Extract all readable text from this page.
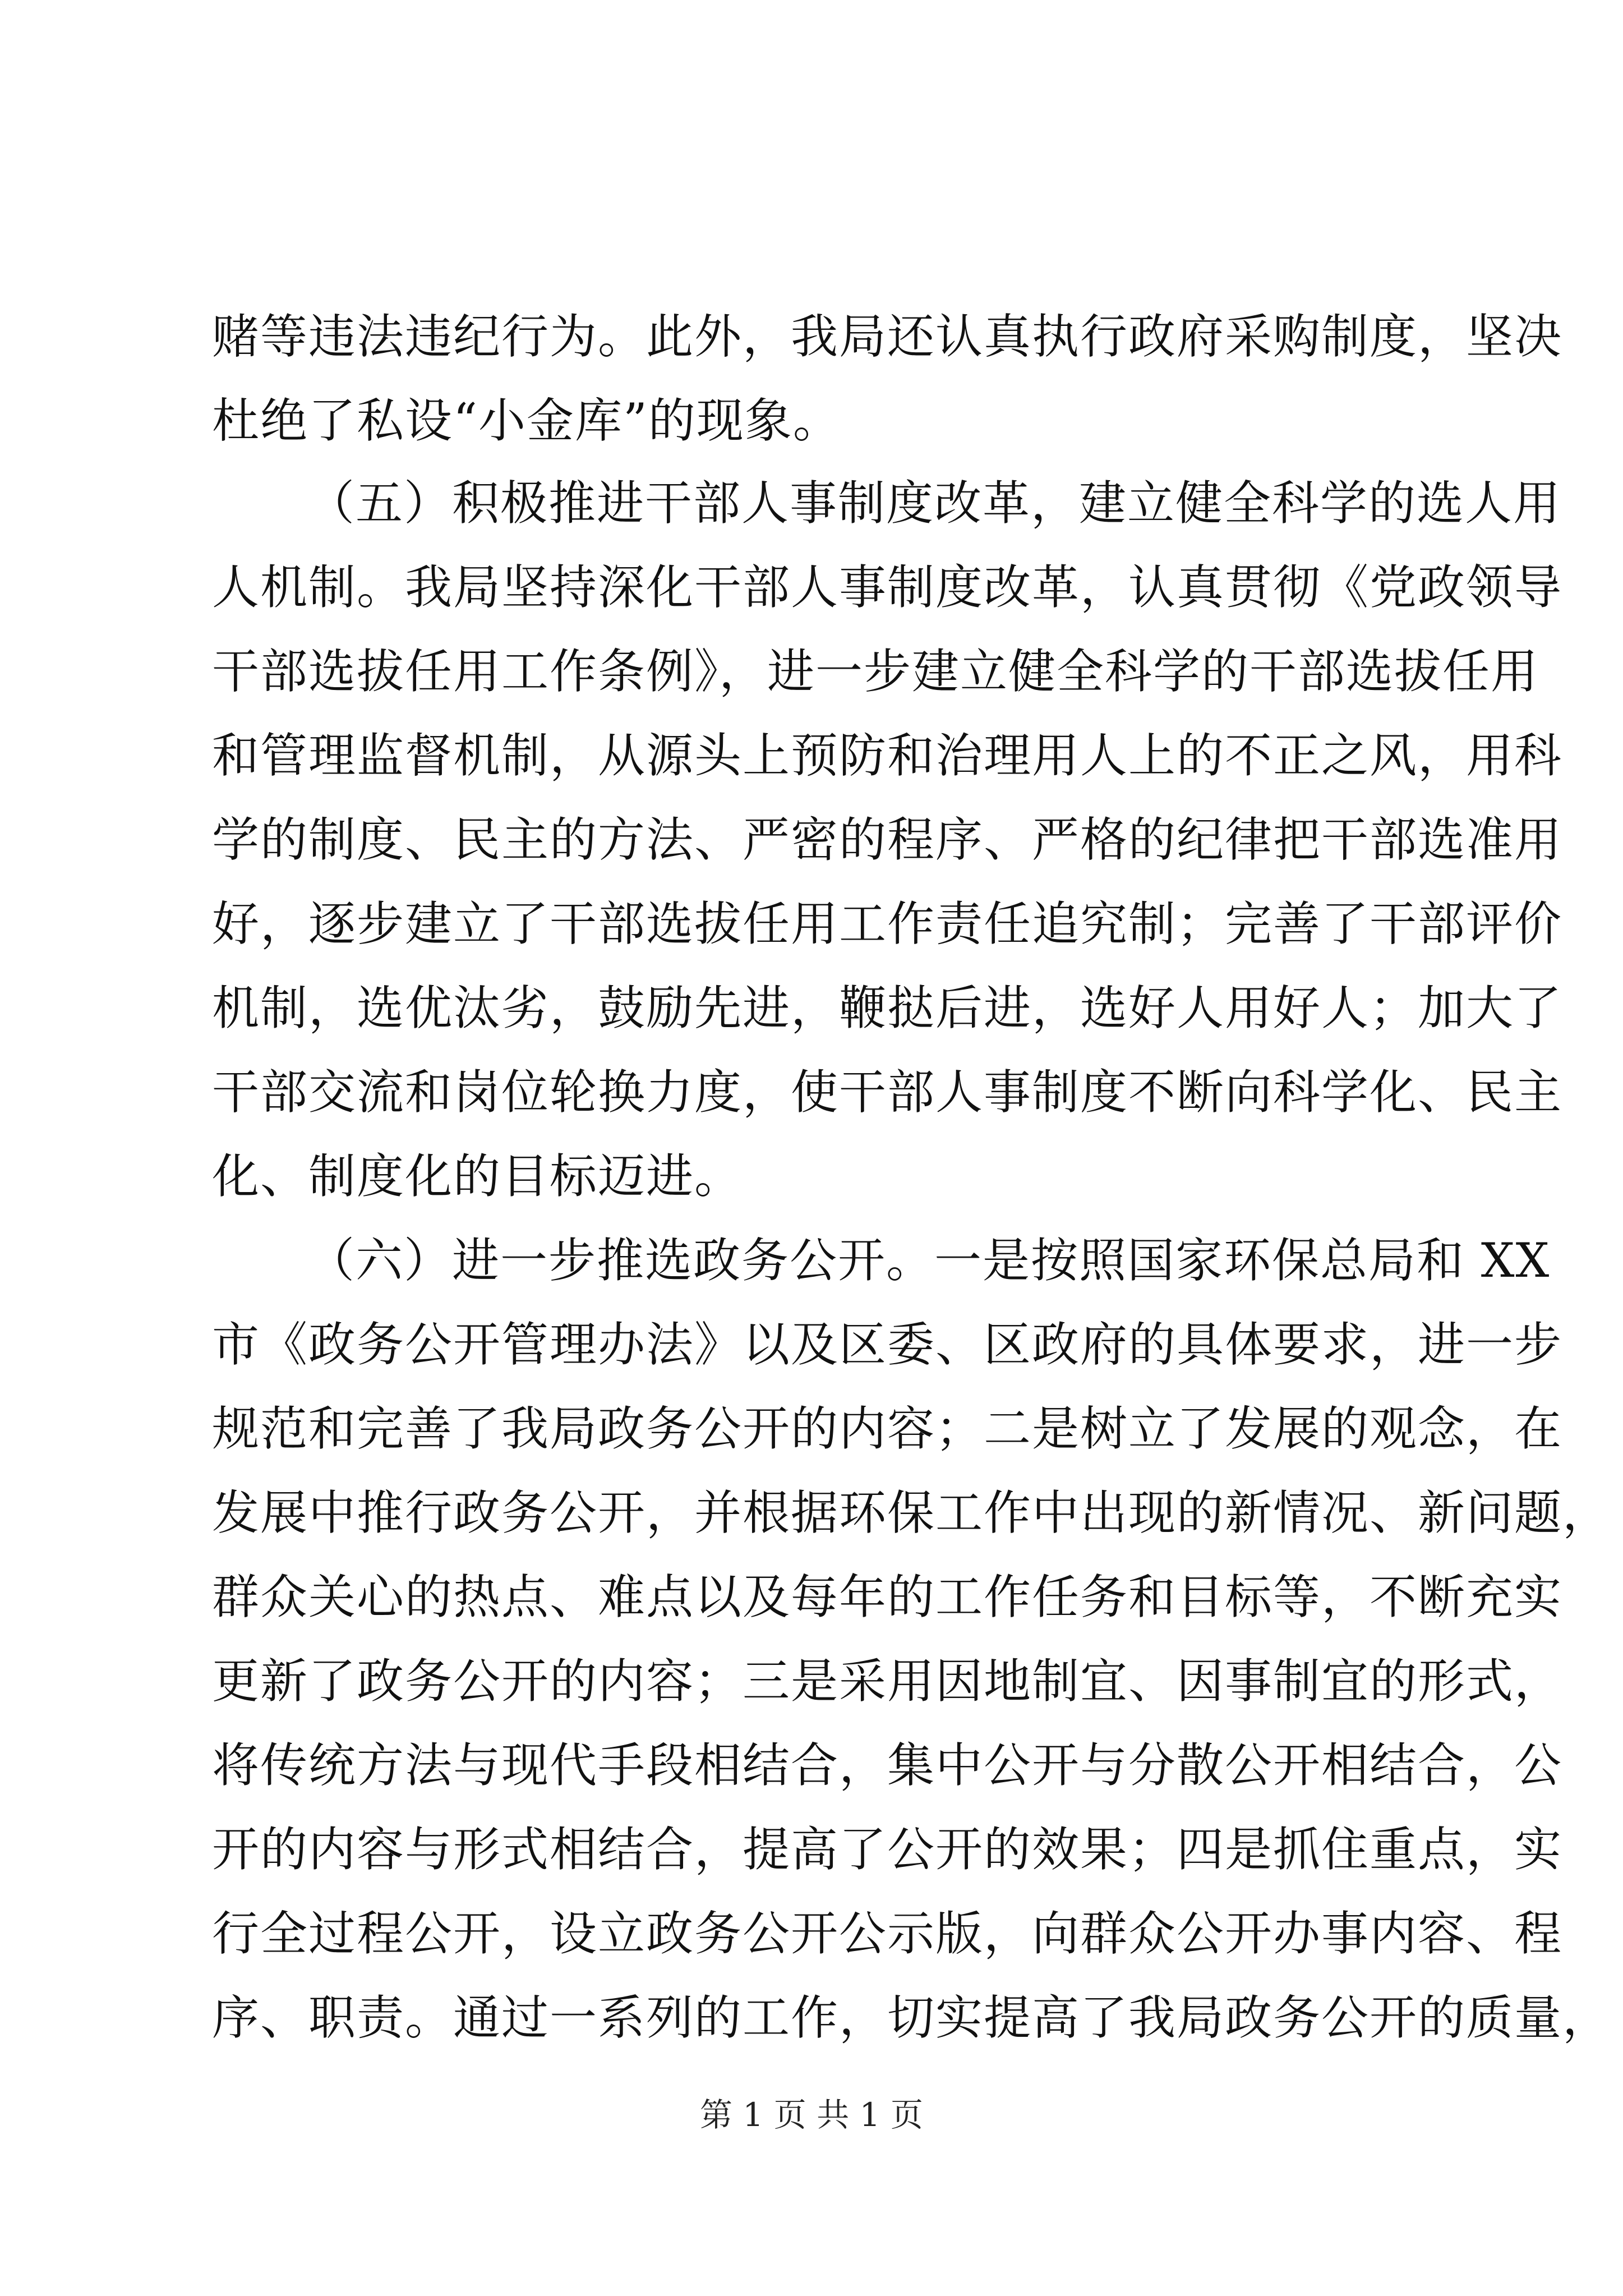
赌等违法违纪行为。此外，我局还认真执行政府采购制度，坚决
杜绝了私设“小金库”的现象。
（五）积极推进干部人事制度改革，建立健全科学的选人用
人机制。我局坚持深化干部人事制度改革，认真贯彻《党政领导
干部选拔任用工作条例》，进一步建立健全科学的干部选拔任用
和管理监督机制，从源头上预防和治理用人上的不正之风，用科
学的制度、民主的方法、严密的程序、严格的纪律把干部选准用
好，逐步建立了干部选拔任用工作责任追究制；完善了干部评价
机制，选优汰劣，鼓励先进，鞭挞后进，选好人用好人；加大了
干部交流和岗位轮换力度，使干部人事制度不断向科学化、民主
化、制度化的目标迈进。
（六）进一步推选政务公开。一是按照国家环保总局和 XX
市《政务公开管理办法》以及区委、区政府的具体要求，进一步
规范和完善了我局政务公开的内容；二是树立了发展的观念，在
发展中推行政务公开，并根据环保工作中出现的新情况、新问题，
群众关心的热点、难点以及每年的工作任务和目标等，不断充实
更新了政务公开的内容；三是采用因地制宜、因事制宜的形式，
将传统方法与现代手段相结合，集中公开与分散公开相结合，公
开的内容与形式相结合，提高了公开的效果；四是抓住重点，实
行全过程公开，设立政务公开公示版，向群众公开办事内容、程
序、职责。通过一系列的工作，切实提高了我局政务公开的质量，
第 1 页 共 1 页
